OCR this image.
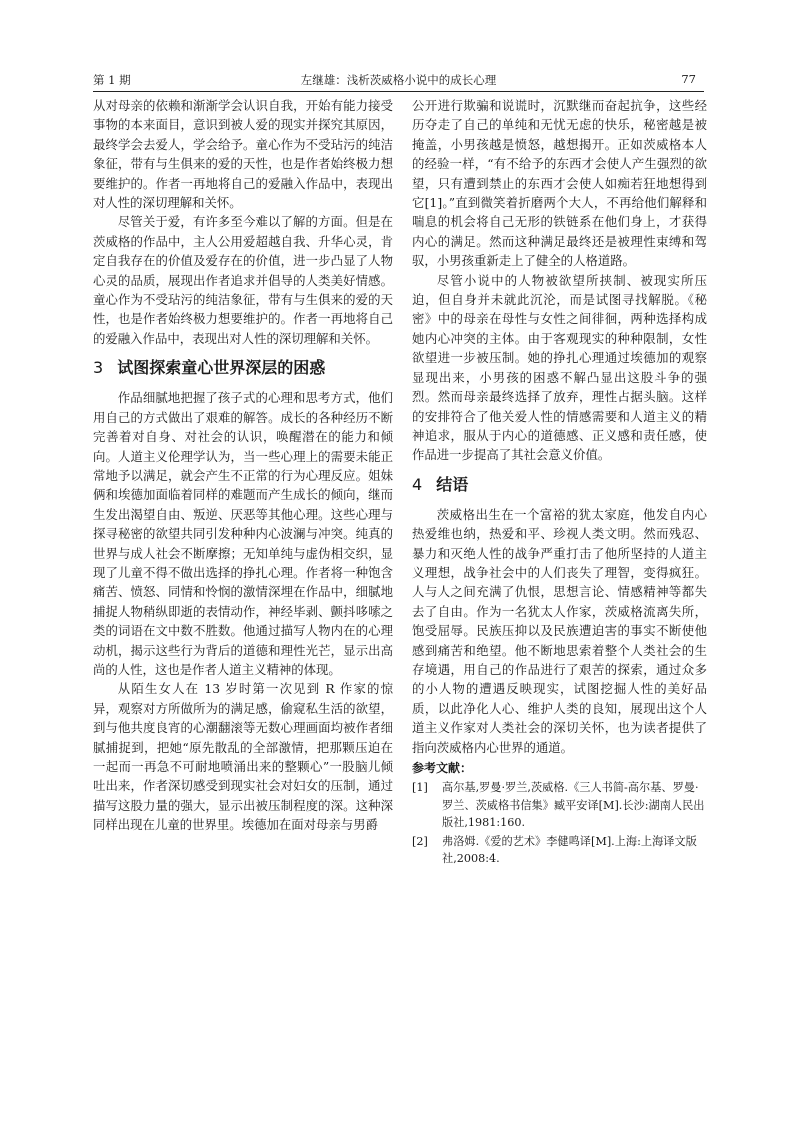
第 1 期	左继雄：浅析茨威格小说中的成长心理	77

从对母亲的依赖和渐渐学会认识自我，开始有能力接受事物的本来面目，意识到被人爱的现实并探究其原因，最终学会去爱人，学会给予。童心作为不受玷污的纯洁象征，带有与生俱来的爱的天性，也是作者始终极力想要维护的。作者一再地将自己的爱融入作品中，表现出对人性的深切理解和关怀。

尽管关于爱，有许多至今难以了解的方面。但是在茨威格的作品中，主人公用爱超越自我、升华心灵，肯定自我存在的价值及爱存在的价值，进一步凸显了人物心灵的品质，展现出作者追求并倡导的人类美好情感。童心作为不受玷污的纯洁象征，带有与生俱来的爱的天性，也是作者始终极力想要维护的。作者一再地将自己的爱融入作品中，表现出对人性的深切理解和关怀。

3 试图探索童心世界深层的困惑

作品细腻地把握了孩子式的心理和思考方式，他们用自己的方式做出了艰难的解答。成长的各种经历不断完善着对自身、对社会的认识，唤醒潜在的能力和倾向。人道主义伦理学认为，当一些心理上的需要未能正常地予以满足，就会产生不正常的行为心理反应。姐妹俩和埃德加面临着同样的难题而产生成长的倾向，继而生发出渴望自由、叛逆、厌恶等其他心理。这些心理与探寻秘密的欲望共同引发种种内心波澜与冲突。纯真的世界与成人社会不断摩擦；无知单纯与虚伪相交织，显现了儿童不得不做出选择的挣扎心理。作者将一种饱含痛苦、愤怒、同情和怜悯的激情深埋在作品中，细腻地捕捉人物稍纵即逝的表情动作，神经毕剥、颤抖哆嗦之类的词语在文中数不胜数。他通过描写人物内在的心理动机，揭示这些行为背后的道德和理性光芒，显示出高尚的人性，这也是作者人道主义精神的体现。

从陌生女人在 13 岁时第一次见到 R 作家的惊异，观察对方所做所为的满足感，偷窥私生活的欲望，到与他共度良宵的心潮翻滚等无数心理画面均被作者细腻捕捉到，把她“原先散乱的全部激情，把那颗压迫在一起而一再急不可耐地喷涌出来的整颗心”一股脑儿倾吐出来，作者深切感受到现实社会对妇女的压制，通过描写这股力量的强大，显示出被压制程度的深。这种深同样出现在儿童的世界里。埃德加在面对母亲与男爵

公开进行欺骗和说谎时，沉默继而奋起抗争，这些经历夺走了自己的单纯和无忧无虑的快乐，秘密越是被掩盖，小男孩越是愤怒，越想揭开。正如茨威格本人的经验一样，“有不给予的东西才会使人产生强烈的欲望，只有遭到禁止的东西才会使人如痴若狂地想得到它[1]。”直到微笑着折磨两个大人，不再给他们解释和喘息的机会将自己无形的铁链系在他们身上，才获得内心的满足。然而这种满足最终还是被理性束缚和驾驭，小男孩重新走上了健全的人格道路。

尽管小说中的人物被欲望所挟制、被现实所压迫，但自身并未就此沉沦，而是试图寻找解脱。《秘密》中的母亲在母性与女性之间徘徊，两种选择构成她内心冲突的主体。由于客观现实的种种限制，女性欲望进一步被压制。她的挣扎心理通过埃德加的观察显现出来，小男孩的困惑不解凸显出这股斗争的强烈。然而母亲最终选择了放弃，理性占据头脑。这样的安排符合了他关爱人性的情感需要和人道主义的精神追求，服从于内心的道德感、正义感和责任感，使作品进一步提高了其社会意义价值。

4 结语

茨威格出生在一个富裕的犹太家庭，他发自内心热爱维也纳，热爱和平、珍视人类文明。然而残忍、暴力和灭绝人性的战争严重打击了他所坚持的人道主义理想，战争社会中的人们丧失了理智，变得疯狂。人与人之间充满了仇恨，思想言论、情感精神等都失去了自由。作为一名犹太人作家，茨威格流离失所，饱受屈辱。民族压抑以及民族遭迫害的事实不断使他感到痛苦和绝望。他不断地思索着整个人类社会的生存境遇，用自己的作品进行了艰苦的探索，通过众多的小人物的遭遇反映现实，试图挖掘人性的美好品质，以此净化人心、维护人类的良知，展现出这个人道主义作家对人类社会的深切关怀，也为读者提供了指向茨威格内心世界的通道。

参考文献：
[1] 高尔基,罗曼·罗兰,茨威格.《三人书简-高尔基、罗曼·罗兰、茨威格书信集》臧平安译[M].长沙:湖南人民出版社,1981:160.
[2] 弗洛姆.《爱的艺术》李健鸣译[M].上海:上海译文版社,2008:4.
